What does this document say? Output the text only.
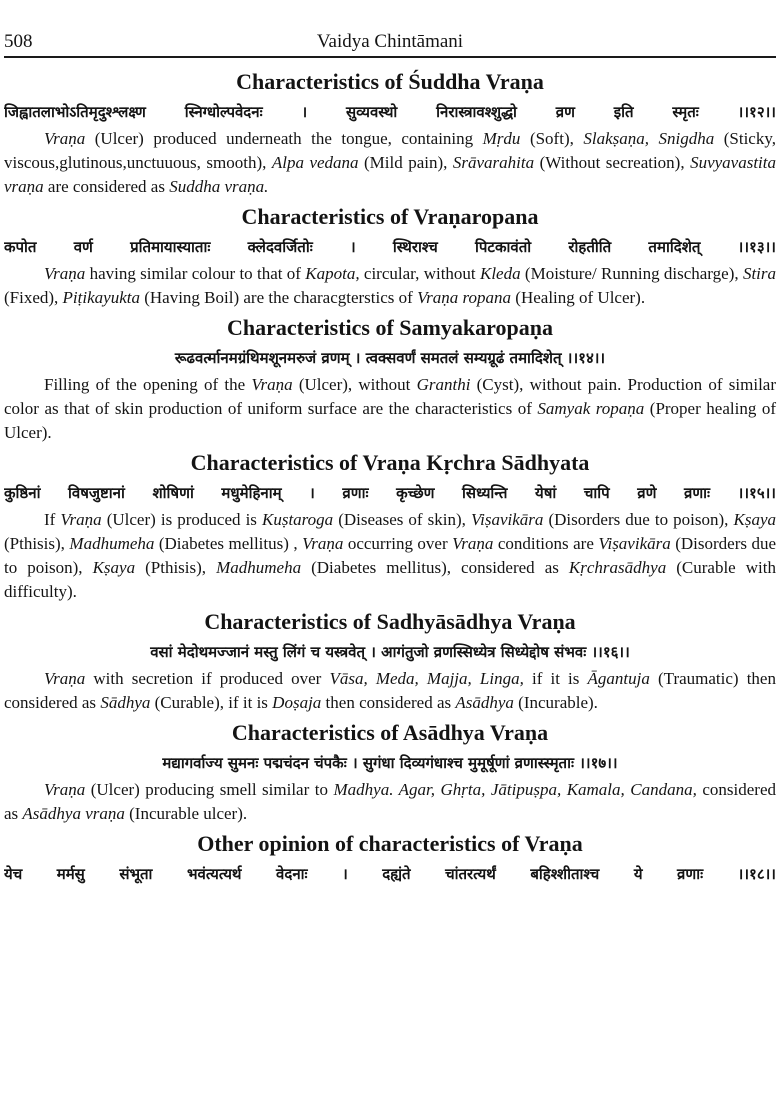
508	Vaidya Chintāmani
Characteristics of Śuddha Vraṇa
जिह्वातलाभोऽतिमृदुश्श्लक्ष्ण स्निग्धोल्पवेदनः । सुव्यवस्थो निरास्त्रावश्शुद्धो व्रण इति स्मृतः ।।१२।।

Vraṇa (Ulcer) produced underneath the tongue, containing Mṛdu (Soft), Slakṣaṇa, Snigdha (Sticky, viscous,glutinous,unctuuous, smooth), Alpa vedana (Mild pain), Srāvarahita (Without secreation), Suvyavastita vraṇa are considered as Suddha vraṇa.

Characteristics of Vraṇaropana
कपोत वर्ण प्रतिमायास्याताः क्लेदवर्जितोः । स्थिराश्च पिटकावंतो रोहतीति तमादिशेत् ।।१३।।

Vraṇa having similar colour to that of Kapota, circular, without Kleda (Moisture/ Running discharge), Stira (Fixed), Piṭikayukta (Having Boil) are the characgterstics of Vraṇa ropana (Healing of Ulcer).

Characteristics of Samyakaropaṇa
रूढवर्त्मानमग्रंथिमशूनमरुजं व्रणम् । त्वक्सवर्णं समतलं सम्यग्रूढं तमादिशेत् ।।१४।।

Filling of the opening of the Vraṇa (Ulcer), without Granthi (Cyst), without pain. Production of similar color as that of skin production of uniform surface are the characteristics of Samyak ropaṇa (Proper healing of Ulcer).

Characteristics of Vraṇa Kṛchra Sādhyata
कुष्ठिनां विषजुष्टानां शोषिणां मधुमेहिनाम् । व्रणाः कृच्छेण सिध्यन्ति येषां चापि व्रणे व्रणाः ।।१५।।

If Vraṇa (Ulcer) is produced is Kuṣtaroga (Diseases of skin), Viṣavikāra (Disorders due to poison), Kṣaya (Pthisis), Madhumeha (Diabetes mellitus) , Vraṇa occurring over Vraṇa conditions are Viṣavikāra (Disorders due to poison), Kṣaya (Pthisis), Madhumeha (Diabetes mellitus), considered as Kṛchrasādhya (Curable with difficulty).

Characteristics of Sadhyāsādhya Vraṇa
वसां मेदोथमज्जानं मस्तु लिंगं च यस्त्रवेत् । आगंतुजो व्रणस्सिध्येत्र सिध्येद्दोष संभवः ।।१६।।

Vraṇa with secretion if produced over Vāsa, Meda, Majja, Linga, if it is Āgantuja (Traumatic) then considered as Sādhya (Curable), if it is Doṣaja then considered as Asādhya (Incurable).

Characteristics of Asādhya Vraṇa
मद्यागर्वाज्य सुमनः पद्मचंदन चंपकैः । सुगंधा दिव्यगंधाश्च मुमूर्षूणां व्रणास्स्मृताः ।।१७।।

Vraṇa (Ulcer) producing smell similar to Madhya. Agar, Ghṛta, Jātipuṣpa, Kamala, Candana, considered as Asādhya vraṇa (Incurable ulcer).

Other opinion of characteristics of Vraṇa
येच मर्मसु संभूता भवंत्यत्यर्थ वेदनाः । दह्यंते चांतरत्यर्थं बहिश्शीताश्च ये व्रणाः ।।१८।।
